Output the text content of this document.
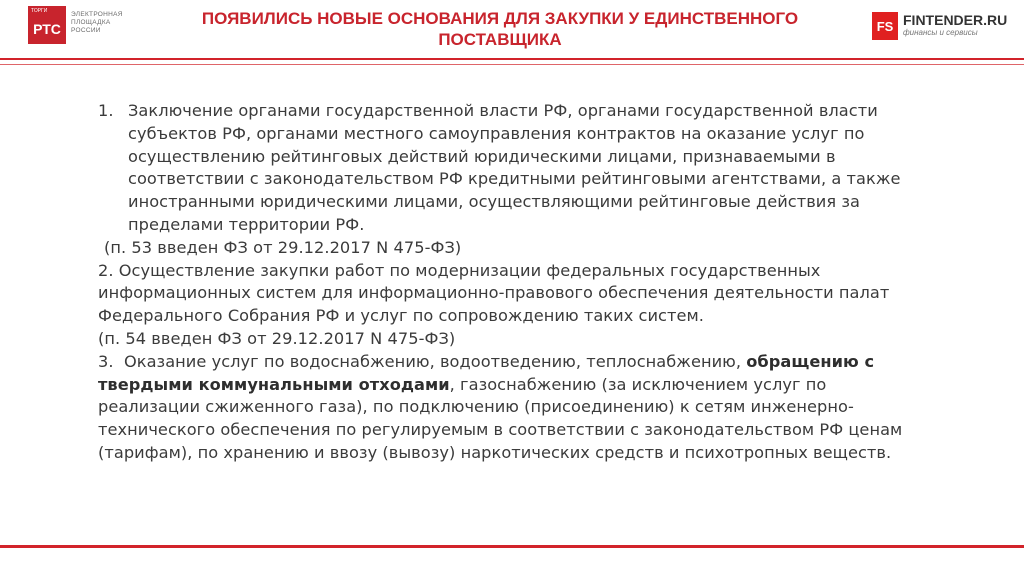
ТОРГИ
РТС
ЭЛЕКТРОННАЯ
ПЛОЩАДКА
РОССИИ
ПОЯВИЛИСЬ НОВЫЕ ОСНОВАНИЯ ДЛЯ ЗАКУПКИ У ЕДИНСТВЕННОГО
ПОСТАВЩИКА
FS FINTENDER.RU
финансы и сервисы
1. Заключение органами государственной власти РФ, органами государственной власти субъектов РФ, органами местного самоуправления контрактов на оказание услуг по осуществлению рейтинговых действий юридическими лицами, признаваемыми в соответствии с законодательством РФ кредитными рейтинговыми агентствами, а также иностранными юридическими лицами, осуществляющими рейтинговые действия за пределами территории РФ.
(п. 53 введен ФЗ от 29.12.2017 N 475-ФЗ)
2. Осуществление закупки работ по модернизации федеральных государственных информационных систем для информационно-правового обеспечения деятельности палат Федерального Собрания РФ и услуг по сопровождению таких систем.
(п. 54 введен ФЗ от 29.12.2017 N 475-ФЗ)
3. Оказание услуг по водоснабжению, водоотведению, теплоснабжению, обращению с твердыми коммунальными отходами, газоснабжению (за исключением услуг по реализации сжиженного газа), по подключению (присоединению) к сетям инженерно-технического обеспечения по регулируемым в соответствии с законодательством РФ ценам (тарифам), по хранению и ввозу (вывозу) наркотических средств и психотропных веществ.
